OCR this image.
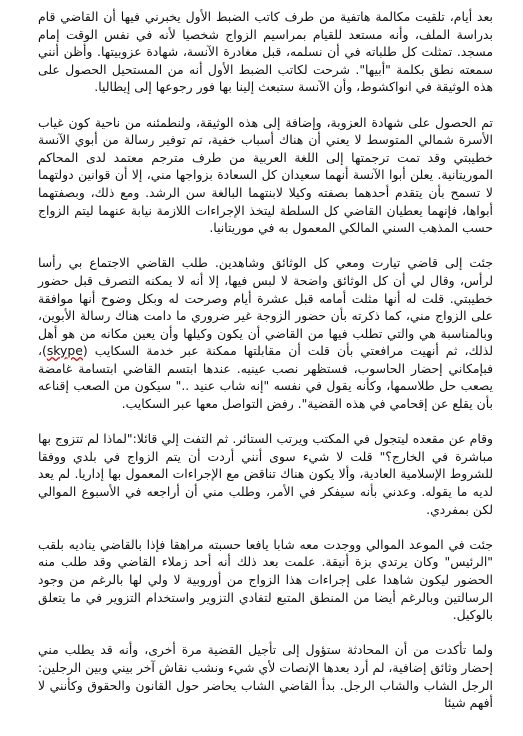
بعد أيام، تلقيت مكالمة هاتفية من طرف كاتب الضبط الأول يخبرني فيها أن القاضي قام بدراسة الملف، وأنه مستعد للقيام بمراسيم الزواج شخصيا لأنه في نفس الوقت إمام مسجد. تمثلت كل طلباته في أن نسلمه، قبل مغادرة الآنسة، شهادة عزوبيتها. وأظن أنني سمعته نطق بكلمة "أبيها". شرحت لكاتب الضبط الأول أنه من المستحيل الحصول على هذه الوثيقة في انواكشوط، وأن الآنسة ستبعث إلينا بها فور رجوعها إلى إيطاليا.

تم الحصول على شهادة العزوبة، وإضافة إلى هذه الوثيقة، ولنطمئنه من ناحية كون غياب الأسرة شمالي المتوسط لا يعني أن هناك أسباب خفية، تم توفير رسالة من أبوي الآنسة خطيبتي وقد تمت ترجمتها إلى اللغة العربية من طرف مترجم معتمد لدى المحاكم الموريتانية. يعلن أبوا الآنسة أنهما سعيدان كل السعادة بزواجها مني، إلا أن قوانين دولتهما لا تسمح بأن يتقدم أحدهما بصفته وكيلا لابنتهما البالغة سن الرشد. ومع ذلك، وبصفتهما أبواها، فإنهما يعطيان القاضي كل السلطة ليتخذ الإجراءات اللازمة نيابة عنهما ليتم الزواج حسب المذهب السني المالكي المعمول به في موريتانيا.

جئت إلى قاضي تيارت ومعي كل الوثائق وشاهدين. طلب القاضي الاجتماع بي رأسا لرأس، وقال لي أن كل الوثائق واضحة لا لبس فيها، إلا أنه لا يمكنه التصرف قبل حضور خطيبتي. قلت له أنها مثلت أمامه قبل عشرة أيام وصرحت له وبكل وضوح أنها موافقة على الزواج مني، كما ذكرته بأن حضور الزوجة غير ضروري ما دامت هناك رسالة الأبوين، وبالمناسبة هي والتي تطلب فيها من القاضي أن يكون وكيلها وأن يعين مكانه من هو أهل لذلك، ثم أنهيت مرافعتي بأن قلت أن مقابلتها ممكنة عبر خدمة السكايب (skype)، فبإمكاني إحضار الحاسوب، فستظهر نصب عينيه. عندها ابتسم القاضي ابتسامة غامضة يصعب حل طلاسمها، وكأنه يقول في نفسه "إنه شاب عنيد .." سيكون من الصعب إقناعه بأن يقلع عن إقحامي في هذه القضية". رفض التواصل معها عبر السكايب.

وقام عن مقعده ليتجول في المكتب ويرتب الستائر. ثم التفت إلي قائلا:"لماذا لم تتزوج بها مباشرة في الخارج؟" قلت لا شيء سوى أنني أردت أن يتم الزواج في بلدي ووفقا للشروط الإسلامية العادية، وألا يكون هناك تناقض مع الإجراءات المعمول بها إداريا. لم يعد لديه ما يقوله. وعدني بأنه سيفكر في الأمر، وطلب مني أن أراجعه في الأسبوع الموالي لكن بمفردي.

جئت في الموعد الموالي ووجدت معه شابا يافعا حسبته مراهقا فإذا بالقاضي يناديه بلقب "الرئيس" وكان يرتدي بزة أنيقة. علمت بعد ذلك أنه أحد زملاء القاضي وقد طلب منه الحضور ليكون شاهدا على إجراءات هذا الزواج من أوروبية لا ولي لها بالرغم من وجود الرسالتين وبالرغم أيضا من المنطق المتبع لتفادي التزوير واستخدام التزوير في ما يتعلق بالوكيل.

ولما تأكدت من أن المحادثة ستؤول إلى تأجيل القضية مرة أخرى، وأنه قد يطلب مني إحضار وثائق إضافية، لم أرد بعدها الإنصات لأي شيء ونشب نقاش آخر بيني وبين الرجلين: الرجل الشاب والشاب الرجل. بدأ القاضي الشاب يحاضر حول القانون والحقوق وكأنني لا أفهم شيئا
